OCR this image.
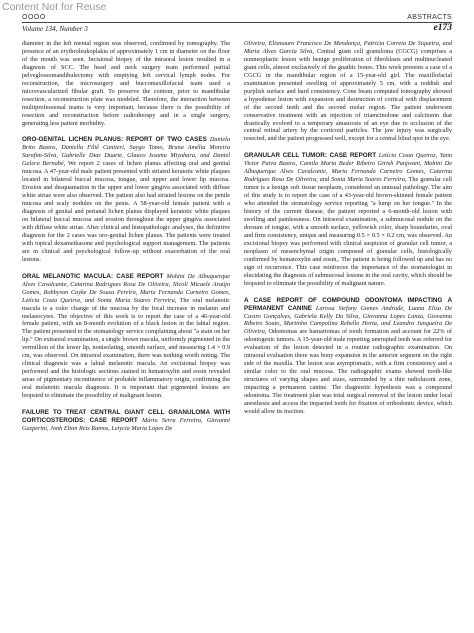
Content Not for Reuse
OOOO	ABSTRACTS
Volume 134, Number 3	e173

diameter in the left mental region was observed, confirmed by tomography. The presence of an erythroleukoplakia of approximately 1 cm in diameter on the floor of the mouth was seen. Incisional biopsy of the intraoral lesion resulted in a diagnosis of SCC. The head and neck surgery team performed partial pelveglossomandibulectomy with emptying left cervical lymph nodes. For reconstruction, the microsurgery and buccomaxillofacial team used a microvascularized fibular graft. To preserve the contour, prior to mandibular resection, a reconstruction plate was modeled. Therefore, the interaction between multiprofessional teams is very important, because there is the possibility of resection and reconstruction before radiotherapy and in a single surgery, generating less patient morbidity.

ORO-GENITAL LICHEN PLANUS: REPORT OF TWO CASES Daniela Brito Bastos, Daniella Filiê Cantieri, Saygo Tomo, Bruna Amélia Moreira Sarafim-Silva, Gabrielle Dias Duarte, Glauco Issamu Miyahara, and Daniel Galera Bernabé, We report 2 cases of lichen planus affecting oral and genital mucosa. A 47-year-old male patient presented with striated keratotic white plaques located in bilateral buccal mucosa, tongue, and upper and lower lip mucosa. Erosion and desquamation in the upper and lower gingiva associated with diffuse white striae were also observed. The patient also had striated lesions on the penile mucosa and scaly nodules on the penis. A 58-year-old female patient with a diagnosis of genital and perianal lichen planus displayed keratotic white plaques on bilateral buccal mucosa and erosion throughout the upper gingiva associated with diffuse white striae. After clinical and histopathologic analyses, the definitive diagnosis for the 2 cases was oro-genital lichen planus. The patients were treated with topical dexamethasone and psychological support management. The patients are in clinical and psychological follow-up without exacerbation of the oral lesions.

ORAL MELANOTIC MACULA: CASE REPORT Mohini De Albuquerque Alves Cavalcante, Catarina Rodrigues Rosa De Oliveira, Nicoli Micaele Araújo Gomes, Robbyson Cayke De Sousa Pereira, Maria Fernanda Carneiro Gomes, Letícia Costa Queiroz, and Sonia Maria Soares Ferreira, The oral melanotic macula is a color change of the mucosa by the focal increase in melanin and melanocytes. The objective of this work is to report the case of a 46-year-old female patient, with an 8-month evolution of a black lesion in the labial region. The patient presented to the stomatology service complaining about "a stain on her lip." On extraoral examination, a single brown macula, uniformly pigmented in the vermillion of the lower lip, nonisolating, smooth surface, and measuring 1.4 × 0.9 cm, was observed. On intraoral examination, there was nothing worth noting. The clinical diagnosis was a labial melanotic macula. An excisional biopsy was performed and the histologic sections stained in hematoxylin and eosin revealed areas of pigmentary incontinence of probable inflammatory origin, confirming the oral melanotic macula diagnosis. It is important that pigmented lesions are biopsied to eliminate the possibility of malignant lesion.

FAILURE TO TREAT CENTRAL GIANT CELL GRANULOMA WITH CORTICOSTEROIDS: CASE REPORT Mário Serra Ferreira, Giovanni Gasperini, Jonh Elton Reis Ramos, Letycia Maria Lopes De

Oliveira, Elismauro Francisco De Mendonça, Patricia Correia De Siqueira, and Maria Alves Garcia Silva, Central giant cell granuloma (CGCG) comprises a nonneoplastic lesion with benign proliferation of fibroblasts and multinucleated giant cells, almost exclusively of the gnathic bones. This work presents a case of a CGCG in the mandibular region of a 15-year-old girl. The maxillofacial examination presented swelling of approximately 5 cm, with a reddish and purplish surface and hard consistency. Cone beam computed tomography showed a hypodense lesion with expansion and destruction of cortical with displacement of the second teeth and the second molar region. The patient underwent conservative treatment with an injection of triamcinolone and calcitonin that drastically evolved to a temporary amaurosis of an eye due to occlusion of the central retinal artery by the corticoid particles. The jaw injury was surgically resected, and the patient progressed well, except for a central blind spot in the eye.

GRANULAR CELL TUMOR: CASE REPORT Letícia Costa Queiroz, Yann Victor Paiva Bastos, Camila Maria Beder Ribeiro Girish Panjwani, Mohini De Albuquerque Alves Cavalcante, Maria Fernanda Carneiro Gomes, Catarina Rodrigues Rosa De Oliveira, and Sonia Maria Soares Ferreira, The granular cell tumor is a benign soft tissue neoplasm, considered an unusual pathology. The aim of this study is to report the case of a 43-year-old brown-skinned female patient who attended the stomatology service reporting "a lump on her tongue." In the history of the current disease, the patient reported a 6-month-old lesion with swelling and painlessness. On intraoral examination, a submucosal nodule on the dorsum of tongue, with a smooth surface, yellowish color, sharp boundaries, oval and firm consistency, unique and measuring 0.5 × 0.5 × 0.2 cm, was observed. An excisional biopsy was performed with clinical suspicion of granular cell tumor, a neoplasm of mesenchymal origin composed of granular cells, histologically confirmed by hematoxylin and eosin,. The patient is being followed up and has no sign of recurrence. This case reinforces the importance of the stomatologist in elucidating the diagnosis of submucosal lesions in the oral cavity, which should be biopsied to eliminate the possibility of malignant nature.

A CASE REPORT OF COMPOUND ODONTOMA IMPACTING A PERMANENT CANINE Larissa Stefany Gomes Andrade, Luana Elisa De Castro Gonçalves, Gabriela Kelly Da Silva, Giovanna Lopes Lanza, Giovanna Ribeiro Souto, Martinho Campolina Rebello Horta, and Leandro Junqueira De Oliveira, Odontomas are hamartomas of tooth formation and account for 22% of odontogenic tumors. A 15-year-old male reporting unerupted teeth was referred for evaluation of the lesion detected in a routine radiographic examination. On intraoral evaluation there was bony expansion in the anterior segment on the right side of the maxilla. The lesion was asymptomatic, with a firm consistency and a similar color to the oral mucosa. The radiographic exams showed tooth-like structures of varying shapes and sizes, surrounded by a thin radiolucent zone, impacting a permanent canine. The diagnostic hypothesis was a compound odontoma. The treatment plan was total surgical removal of the lesion under local anesthesia and access the impacted tooth for fixation of orthodontic device, which would allow its traction.
